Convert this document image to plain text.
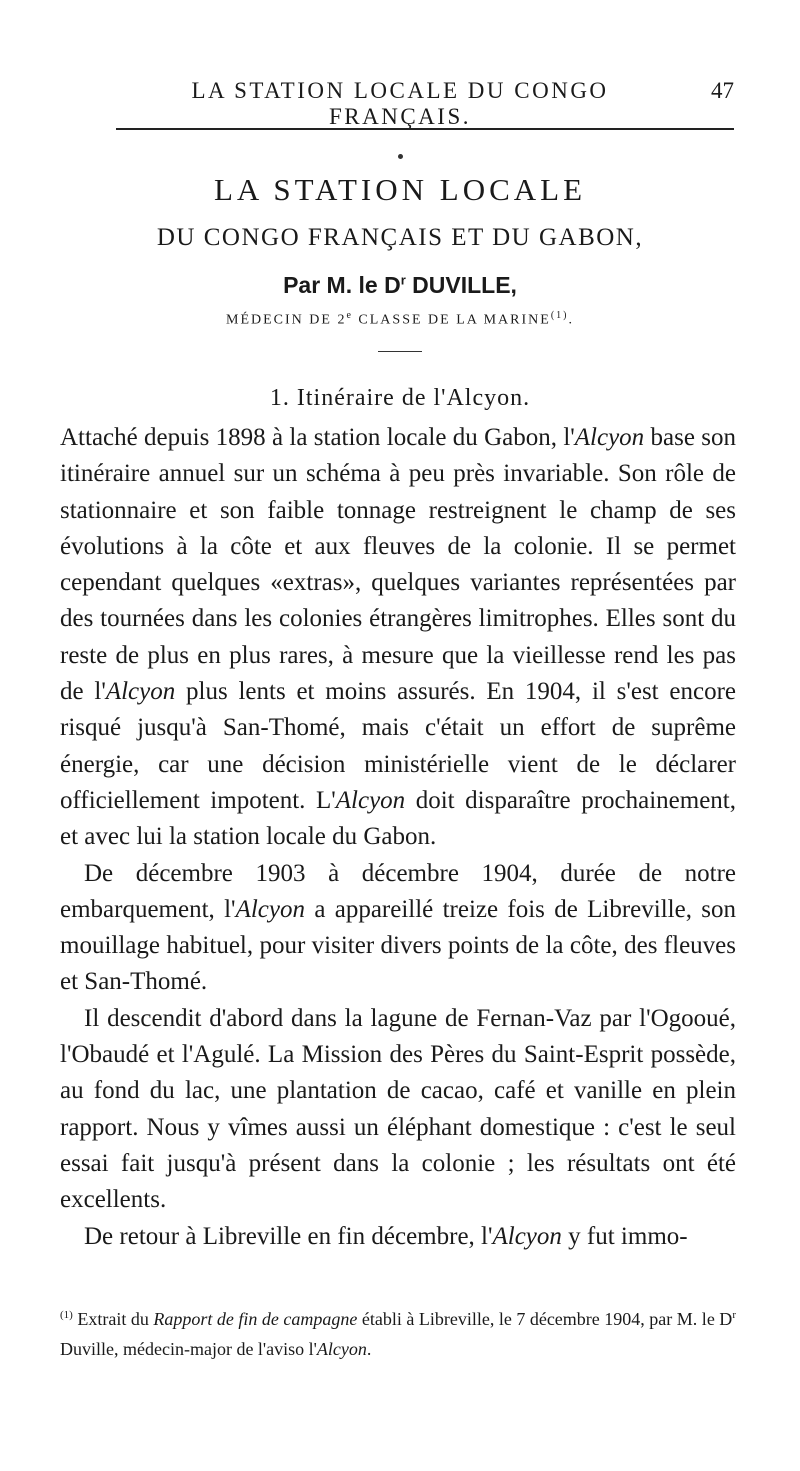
LA STATION LOCALE DU CONGO FRANÇAIS.
47
LA STATION LOCALE
DU CONGO FRANÇAIS ET DU GABON,
Par M. le $D^r$ DUVILLE,
MÉDECIN DE 2e CLASSE DE LA MARINE$^{(1)}$.
1. Itinéraire de l'Alcyon.

Attaché depuis 1898 à la station locale du Gabon, l'Alcyon base son itinéraire annuel sur un schéma à peu près invariable. Son rôle de stationnaire et son faible tonnage restreignent le champ de ses évolutions à la côte et aux fleuves de la colonie. Il se permet cependant quelques «extras», quelques variantes représentées par des tournées dans les colonies étrangères limitrophes. Elles sont du reste de plus en plus rares, à mesure que la vieillesse rend les pas de l'Alcyon plus lents et moins assurés. En 1904, il s'est encore risqué jusqu'à San-Thomé, mais c'était un effort de suprême énergie, car une décision ministérielle vient de le déclarer officiellement impotent. L'Alcyon doit disparaître prochainement, et avec lui la station locale du Gabon.

De décembre 1903 à décembre 1904, durée de notre embarquement, l'Alcyon a appareillé treize fois de Libreville, son mouillage habituel, pour visiter divers points de la côte, des fleuves et San-Thomé.

Il descendit d'abord dans la lagune de Fernan-Vaz par l'Ogooué, l'Obaudé et l'Agulé. La Mission des Pères du Saint-Esprit possède, au fond du lac, une plantation de cacao, café et vanille en plein rapport. Nous y vîmes aussi un éléphant domestique : c'est le seul essai fait jusqu'à présent dans la colonie ; les résultats ont été excellents.

De retour à Libreville en fin décembre, l'Alcyon y fut immo-

$^{(1)}$ Extrait du Rapport de fin de campagne établi à Libreville, le 7 décembre 1904, par M. le $D^r$ Duville, médecin-major de l'aviso l'Alcyon.
